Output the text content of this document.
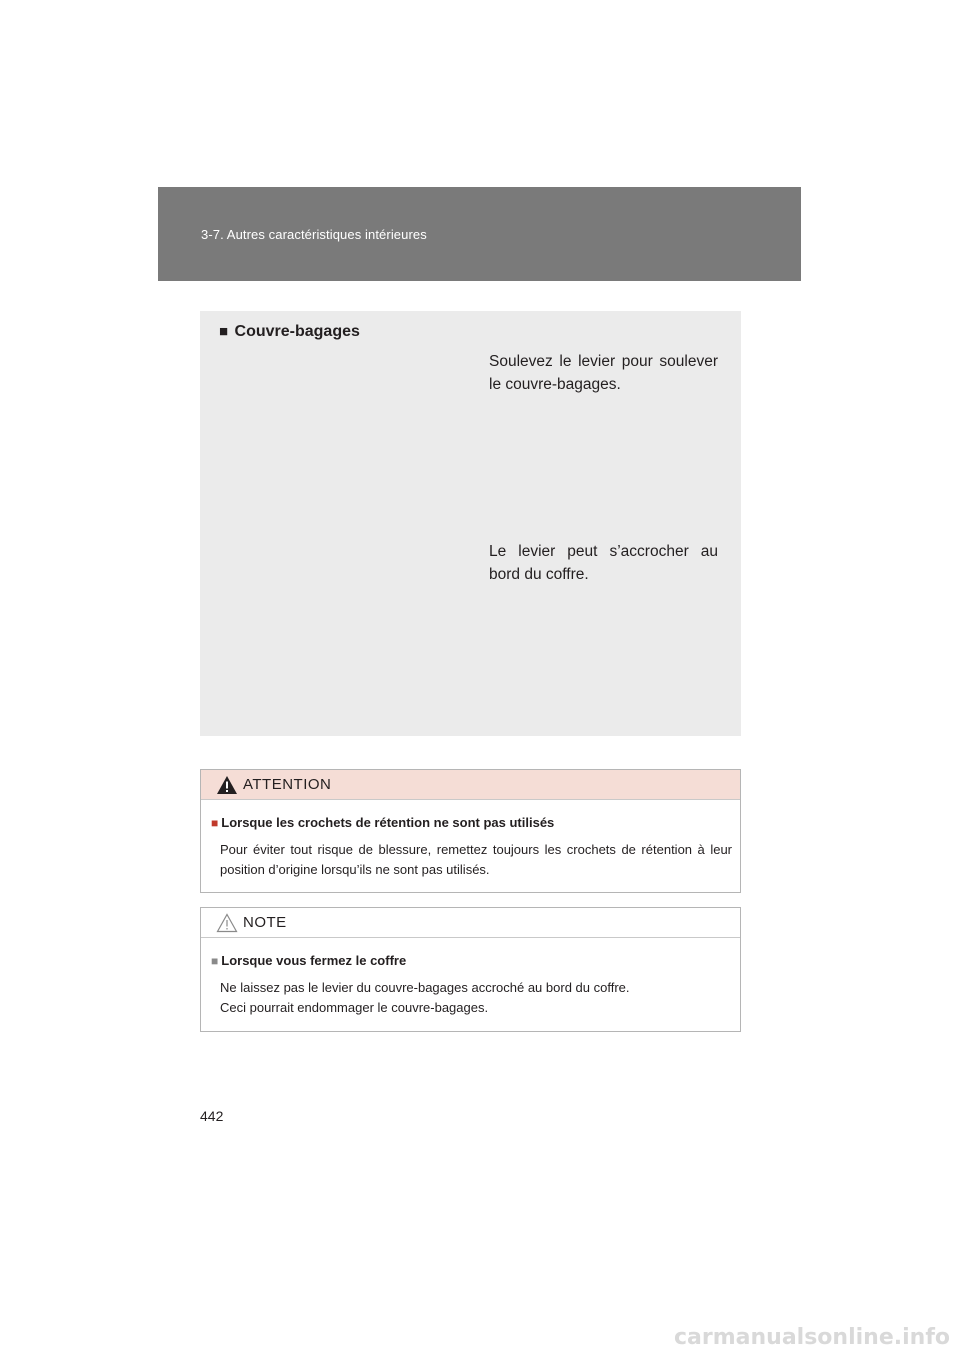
3-7. Autres caractéristiques intérieures
■ Couvre-bagages
Soulevez le levier pour soulever le couvre-bagages.
Le levier peut s’accrocher au bord du coffre.
ATTENTION
■ Lorsque les crochets de rétention ne sont pas utilisés
Pour éviter tout risque de blessure, remettez toujours les crochets de rétention à leur position d’origine lorsqu’ils ne sont pas utilisés.
NOTE
■ Lorsque vous fermez le coffre
Ne laissez pas le levier du couvre-bagages accroché au bord du coffre.
Ceci pourrait endommager le couvre-bagages.
442
carmanualsonline.info
